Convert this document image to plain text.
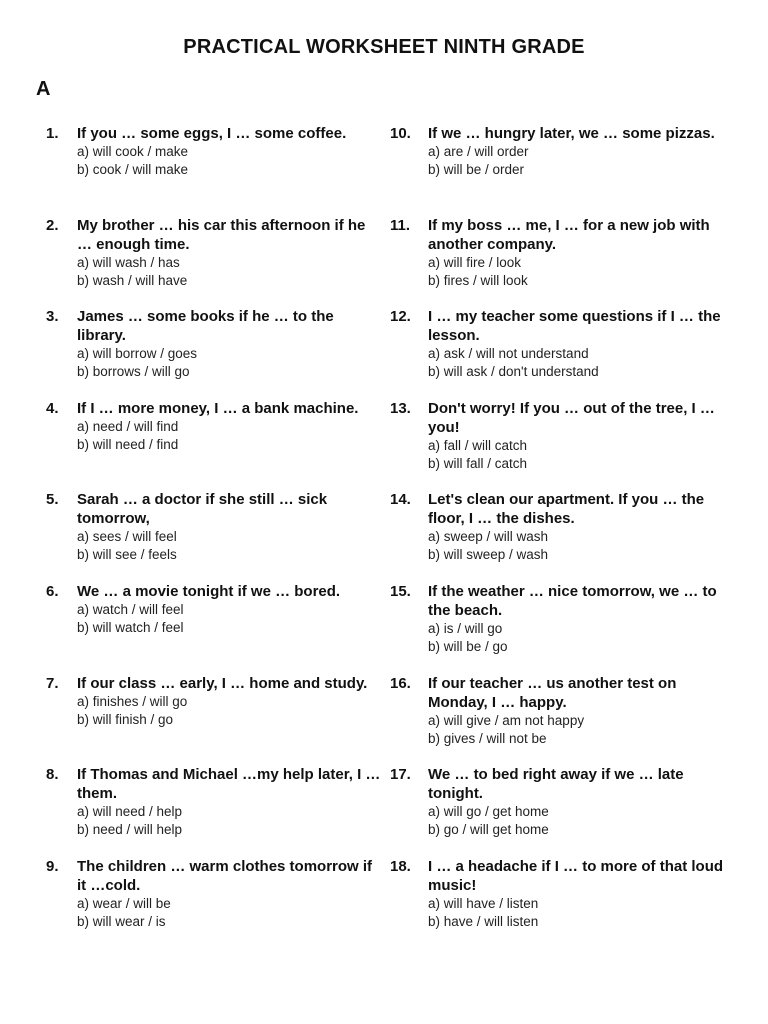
PRACTICAL WORKSHEET NINTH GRADE
A
1.	If you … some eggs, I … some coffee.
a) will cook / make
b) cook / will make
2.	My brother … his car this afternoon if he … enough time.
a) will wash / has
b) wash / will have
3.	James … some books if he … to the library.
a) will borrow / goes
b) borrows / will go
4.	If I … more money, I … a bank machine.
a) need / will find
b) will need / find
5.	Sarah … a doctor if she still … sick tomorrow,
a) sees / will feel
b) will see / feels
6.	We … a movie tonight if we … bored.
a) watch / will feel
b) will watch / feel
7.	If our class … early, I … home and study.
a) finishes / will go
b) will finish / go
8.	If Thomas and Michael …my help later, I … them.
a) will need / help
b) need / will help
9.	The children … warm clothes tomorrow if it …cold.
a) wear / will be
b) will wear / is
10.	If we … hungry later, we … some pizzas.
a) are / will order
b) will be / order
11.	If my boss … me, I … for a new job with another company.
a) will fire / look
b) fires / will look
12.	I … my teacher some questions if I … the lesson.
a) ask / will not understand
b) will ask / don't understand
13.	Don't worry! If you … out of the tree, I … you!
a) fall / will catch
b) will fall / catch
14.	Let's clean our apartment. If you … the floor, I … the dishes.
a) sweep / will wash
b) will sweep / wash
15.	If the weather … nice tomorrow, we … to the beach.
a) is / will go
b) will be / go
16.	If our teacher … us another test on Monday, I … happy.
a) will give / am not happy
b) gives / will not be
17.	We … to bed right away if we … late tonight.
a) will go / get home
b) go / will get home
18.	I … a headache if I … to more of that loud music!
a) will have / listen
b) have / will listen
